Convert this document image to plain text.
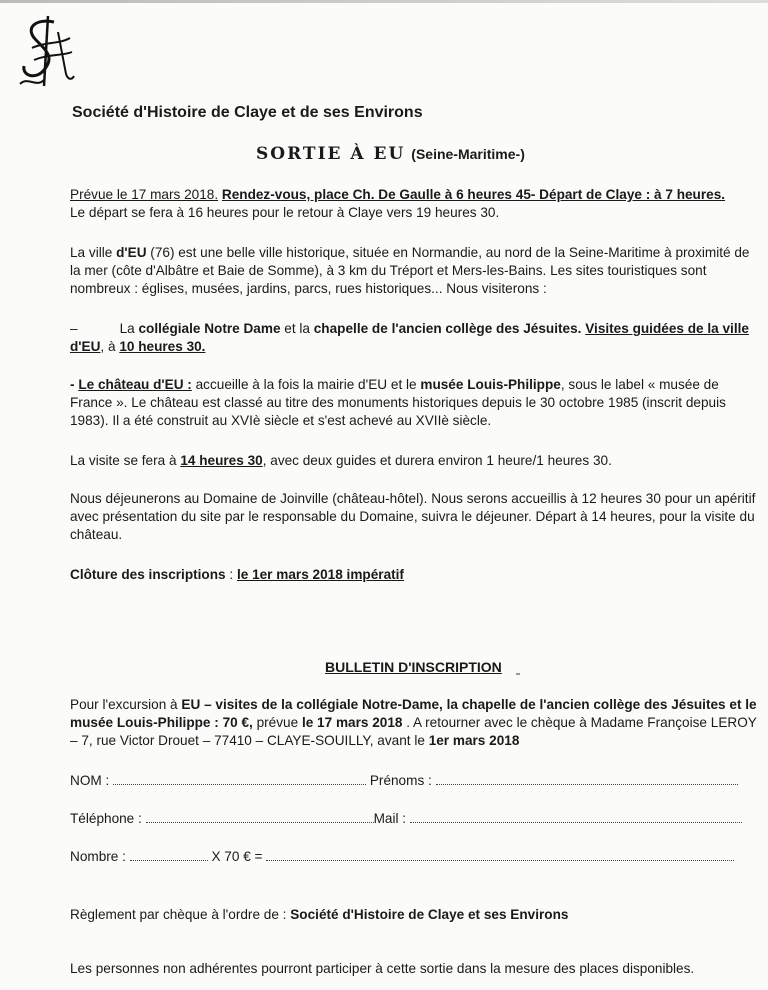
Société d'Histoire de Claye et de ses Environs
SORTIE À EU (Seine-Maritime-)
Prévue le 17 mars 2018. Rendez-vous, place Ch. De Gaulle à 6 heures 45- Départ de Claye : à 7 heures.
Le départ se fera à 16 heures pour le retour à Claye vers 19 heures 30.
La ville d'EU (76) est une belle ville historique, située en Normandie, au nord de la Seine-Maritime à proximité de
la mer (côte d'Albâtre et Baie de Somme), à 3 km du Tréport et Mers-les-Bains. Les sites touristiques sont
nombreux : églises, musées, jardins, parcs, rues historiques... Nous visiterons :
–	La collégiale Notre Dame et la chapelle de l'ancien collège des Jésuites. Visites guidées de la ville
d'EU, à 10 heures 30.
- Le château d'EU : accueille à la fois la mairie d'EU et le musée Louis-Philippe, sous le label « musée de
France ». Le château est classé au titre des monuments historiques depuis le 30 octobre 1985 (inscrit depuis
1983). Il a été construit au XVIè siècle et s'est achevé au XVIIè siècle.
La visite se fera à 14 heures 30, avec deux guides et durera environ 1 heure/1 heures 30.
Nous déjeunerons au Domaine de Joinville (château-hôtel). Nous serons accueillis à 12 heures 30 pour un apéritif
avec présentation du site par le responsable du Domaine, suivra le déjeuner. Départ à 14 heures, pour la visite du
château.
Clôture des inscriptions : le 1er mars 2018 impératif
BULLETIN D'INSCRIPTION
Pour l'excursion à EU – visites de la collégiale Notre-Dame, la chapelle de l'ancien collège des Jésuites et le
musée Louis-Philippe : 70 €, prévue le 17 mars 2018 . A retourner avec le chèque à Madame Françoise LEROY
– 7, rue Victor Drouet – 77410 – CLAYE-SOUILLY, avant le 1er mars 2018
NOM :	Prénoms :
Téléphone :	Mail :
Nombre :	X 70 € =
Règlement par chèque à l'ordre de : Société d'Histoire de Claye et ses Environs
Les personnes non adhérentes pourront participer à cette sortie dans la mesure des places disponibles.
